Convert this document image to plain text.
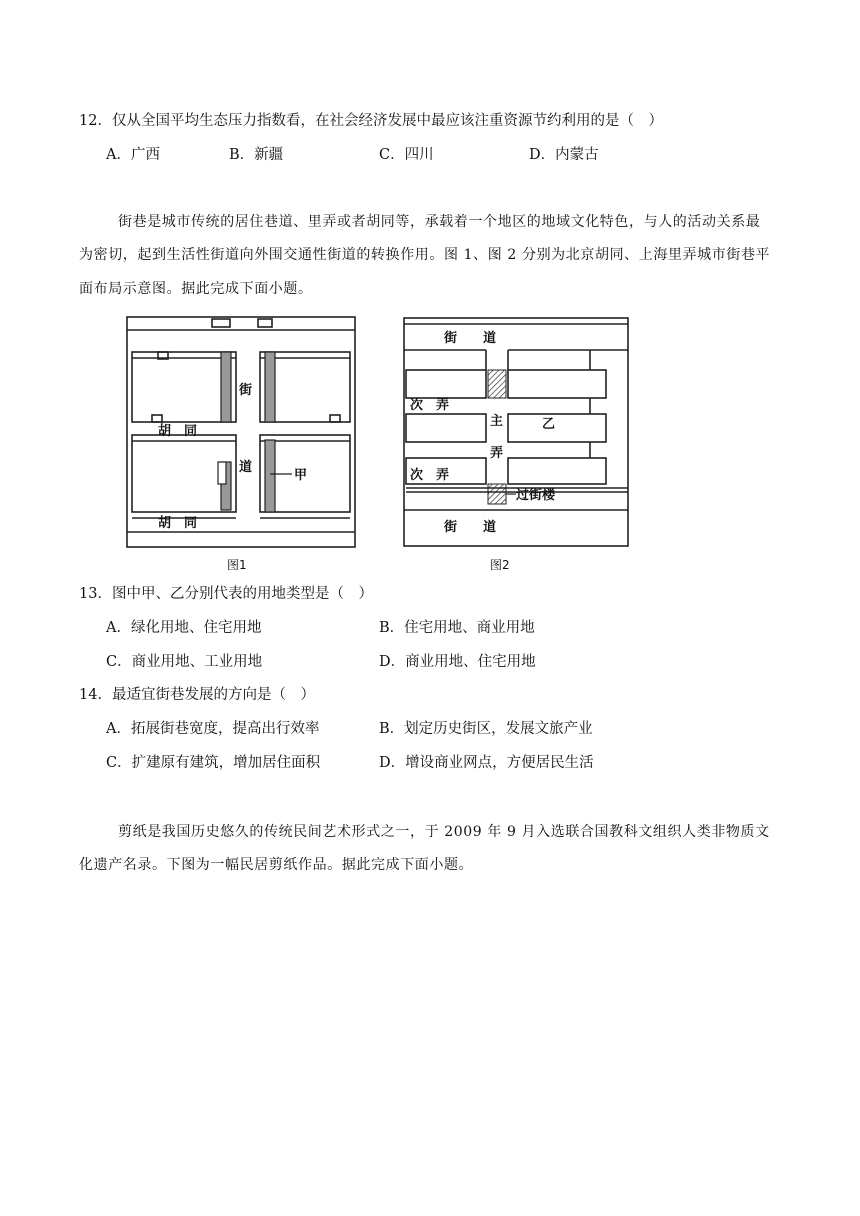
12．仅从全国平均生态压力指数看，在社会经济发展中最应该注重资源节约利用的是（　）
A．广西	B．新疆	C．四川	D．内蒙古
街巷是城市传统的居住巷道、里弄或者胡同等，承载着一个地区的地域文化特色，与人的活动关系最
为密切，起到生活性街道向外围交通性街道的转换作用。图 1、图 2 分别为北京胡同、上海里弄城市街巷平
面布局示意图。据此完成下面小题。
街
道
胡　同
胡　同
甲
图1
街　　道
次　弄
主	乙
弄
次　弄
过街楼
街　　道
图2
13．图中甲、乙分别代表的用地类型是（　）
A．绿化用地、住宅用地	B．住宅用地、商业用地
C．商业用地、工业用地	D．商业用地、住宅用地
14．最适宜街巷发展的方向是（　）
A．拓展街巷宽度，提高出行效率	B．划定历史街区，发展文旅产业
C．扩建原有建筑，增加居住面积	D．增设商业网点，方便居民生活
剪纸是我国历史悠久的传统民间艺术形式之一，于 2009 年 9 月入选联合国教科文组织人类非物质文
化遗产名录。下图为一幅民居剪纸作品。据此完成下面小题。
